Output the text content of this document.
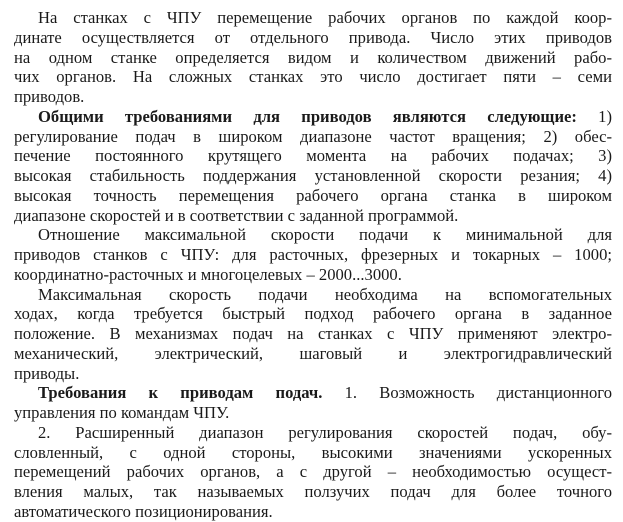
На станках с ЧПУ перемещение рабочих органов по каждой коор-
динате осуществляется от отдельного привода. Число этих приводов
на одном станке определяется видом и количеством движений рабо-
чих органов. На сложных станках это число достигает пяти – семи
приводов.
Общими требованиями для приводов являются следующие: 1)
регулирование подач в широком диапазоне частот вращения; 2) обес-
печение постоянного крутящего момента на рабочих подачах; 3)
высокая стабильность поддержания установленной скорости резания; 4)
высокая точность перемещения рабочего органа станка в широком
диапазоне скоростей и в соответствии с заданной программой.
Отношение максимальной скорости подачи к минимальной для
приводов станков с ЧПУ: для расточных, фрезерных и токарных – 1000;
координатно-расточных и многоцелевых – 2000...3000.
Максимальная скорость подачи необходима на вспомогательных
ходах, когда требуется быстрый подход рабочего органа в заданное
положение. В механизмах подач на станках с ЧПУ применяют электро-
механический, электрический, шаговый и электрогидравлический
приводы.
Требования к приводам подач. 1. Возможность дистанционного
управления по командам ЧПУ.
2. Расширенный диапазон регулирования скоростей подач, обу-
словленный, с одной стороны, высокими значениями ускоренных
перемещений рабочих органов, а с другой – необходимостью осущест-
вления малых, так называемых ползучих подач для более точного
автоматического позиционирования.
